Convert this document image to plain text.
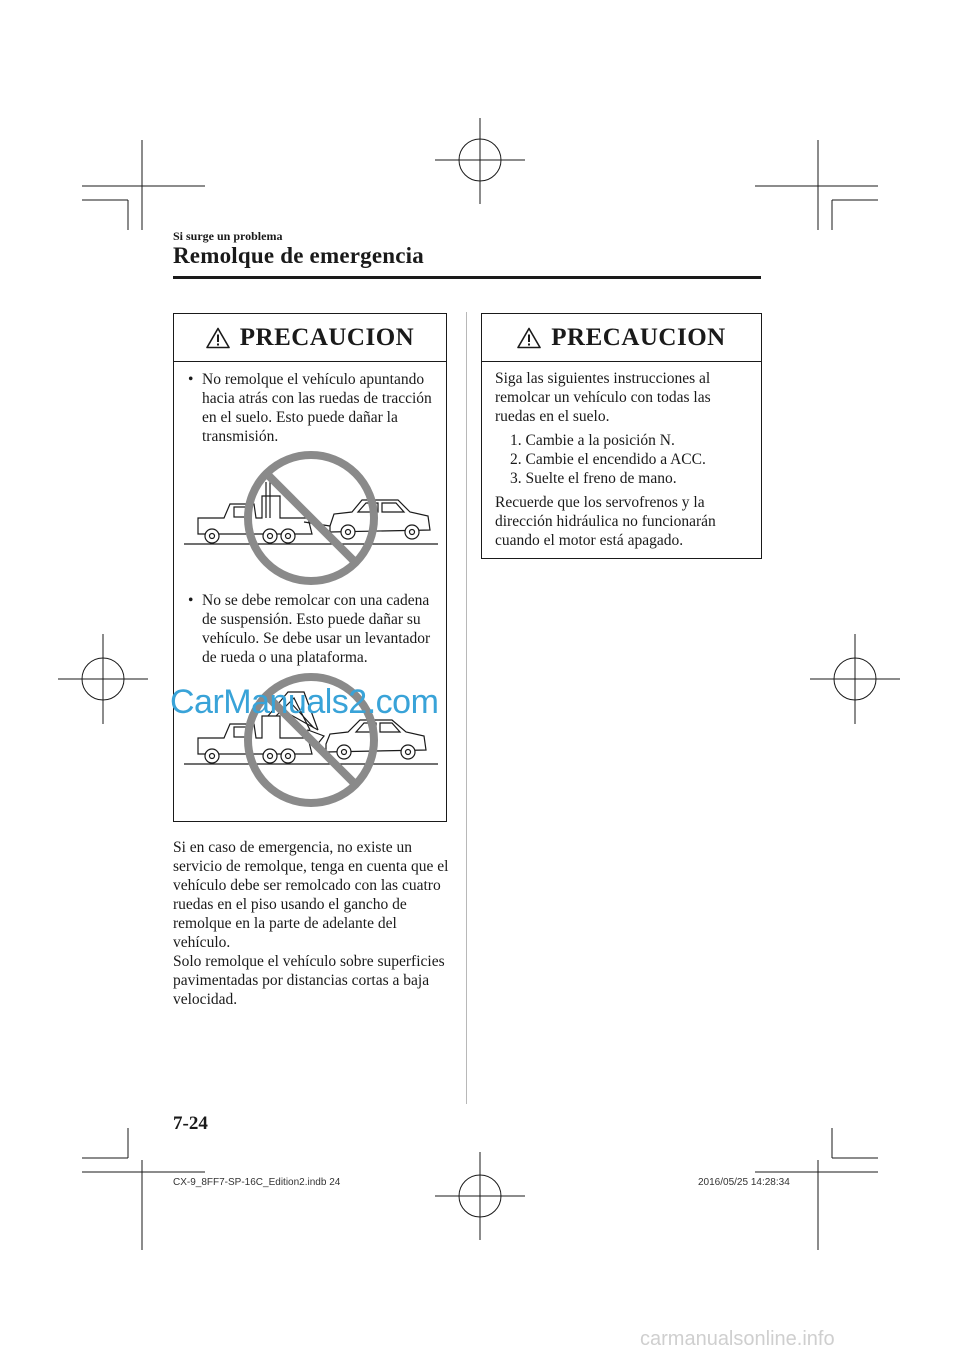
Si surge un problema
Remolque de emergencia
PRECAUCION
• No remolque el vehículo apuntando hacia atrás con las ruedas de tracción en el suelo. Esto puede dañar la transmisión.
• No se debe remolcar con una cadena de suspensión. Esto puede dañar su vehículo. Se debe usar un levantador de rueda o una plataforma.
PRECAUCION
Siga las siguientes instrucciones al remolcar un vehículo con todas las ruedas en el suelo.
1. Cambie a la posición N.
2. Cambie el encendido a ACC.
3. Suelte el freno de mano.
Recuerde que los servofrenos y la dirección hidráulica no funcionarán cuando el motor está apagado.

Si en caso de emergencia, no existe un servicio de remolque, tenga en cuenta que el vehículo debe ser remolcado con las cuatro ruedas en el piso usando el gancho de remolque en la parte de adelante del vehículo.

Solo remolque el vehículo sobre superficies pavimentadas por distancias cortas a baja velocidad.

CarManuals2.com
7-24
CX-9_8FF7-SP-16C_Edition2.indb 24	2016/05/25 14:28:34
carmanualsonline.info
